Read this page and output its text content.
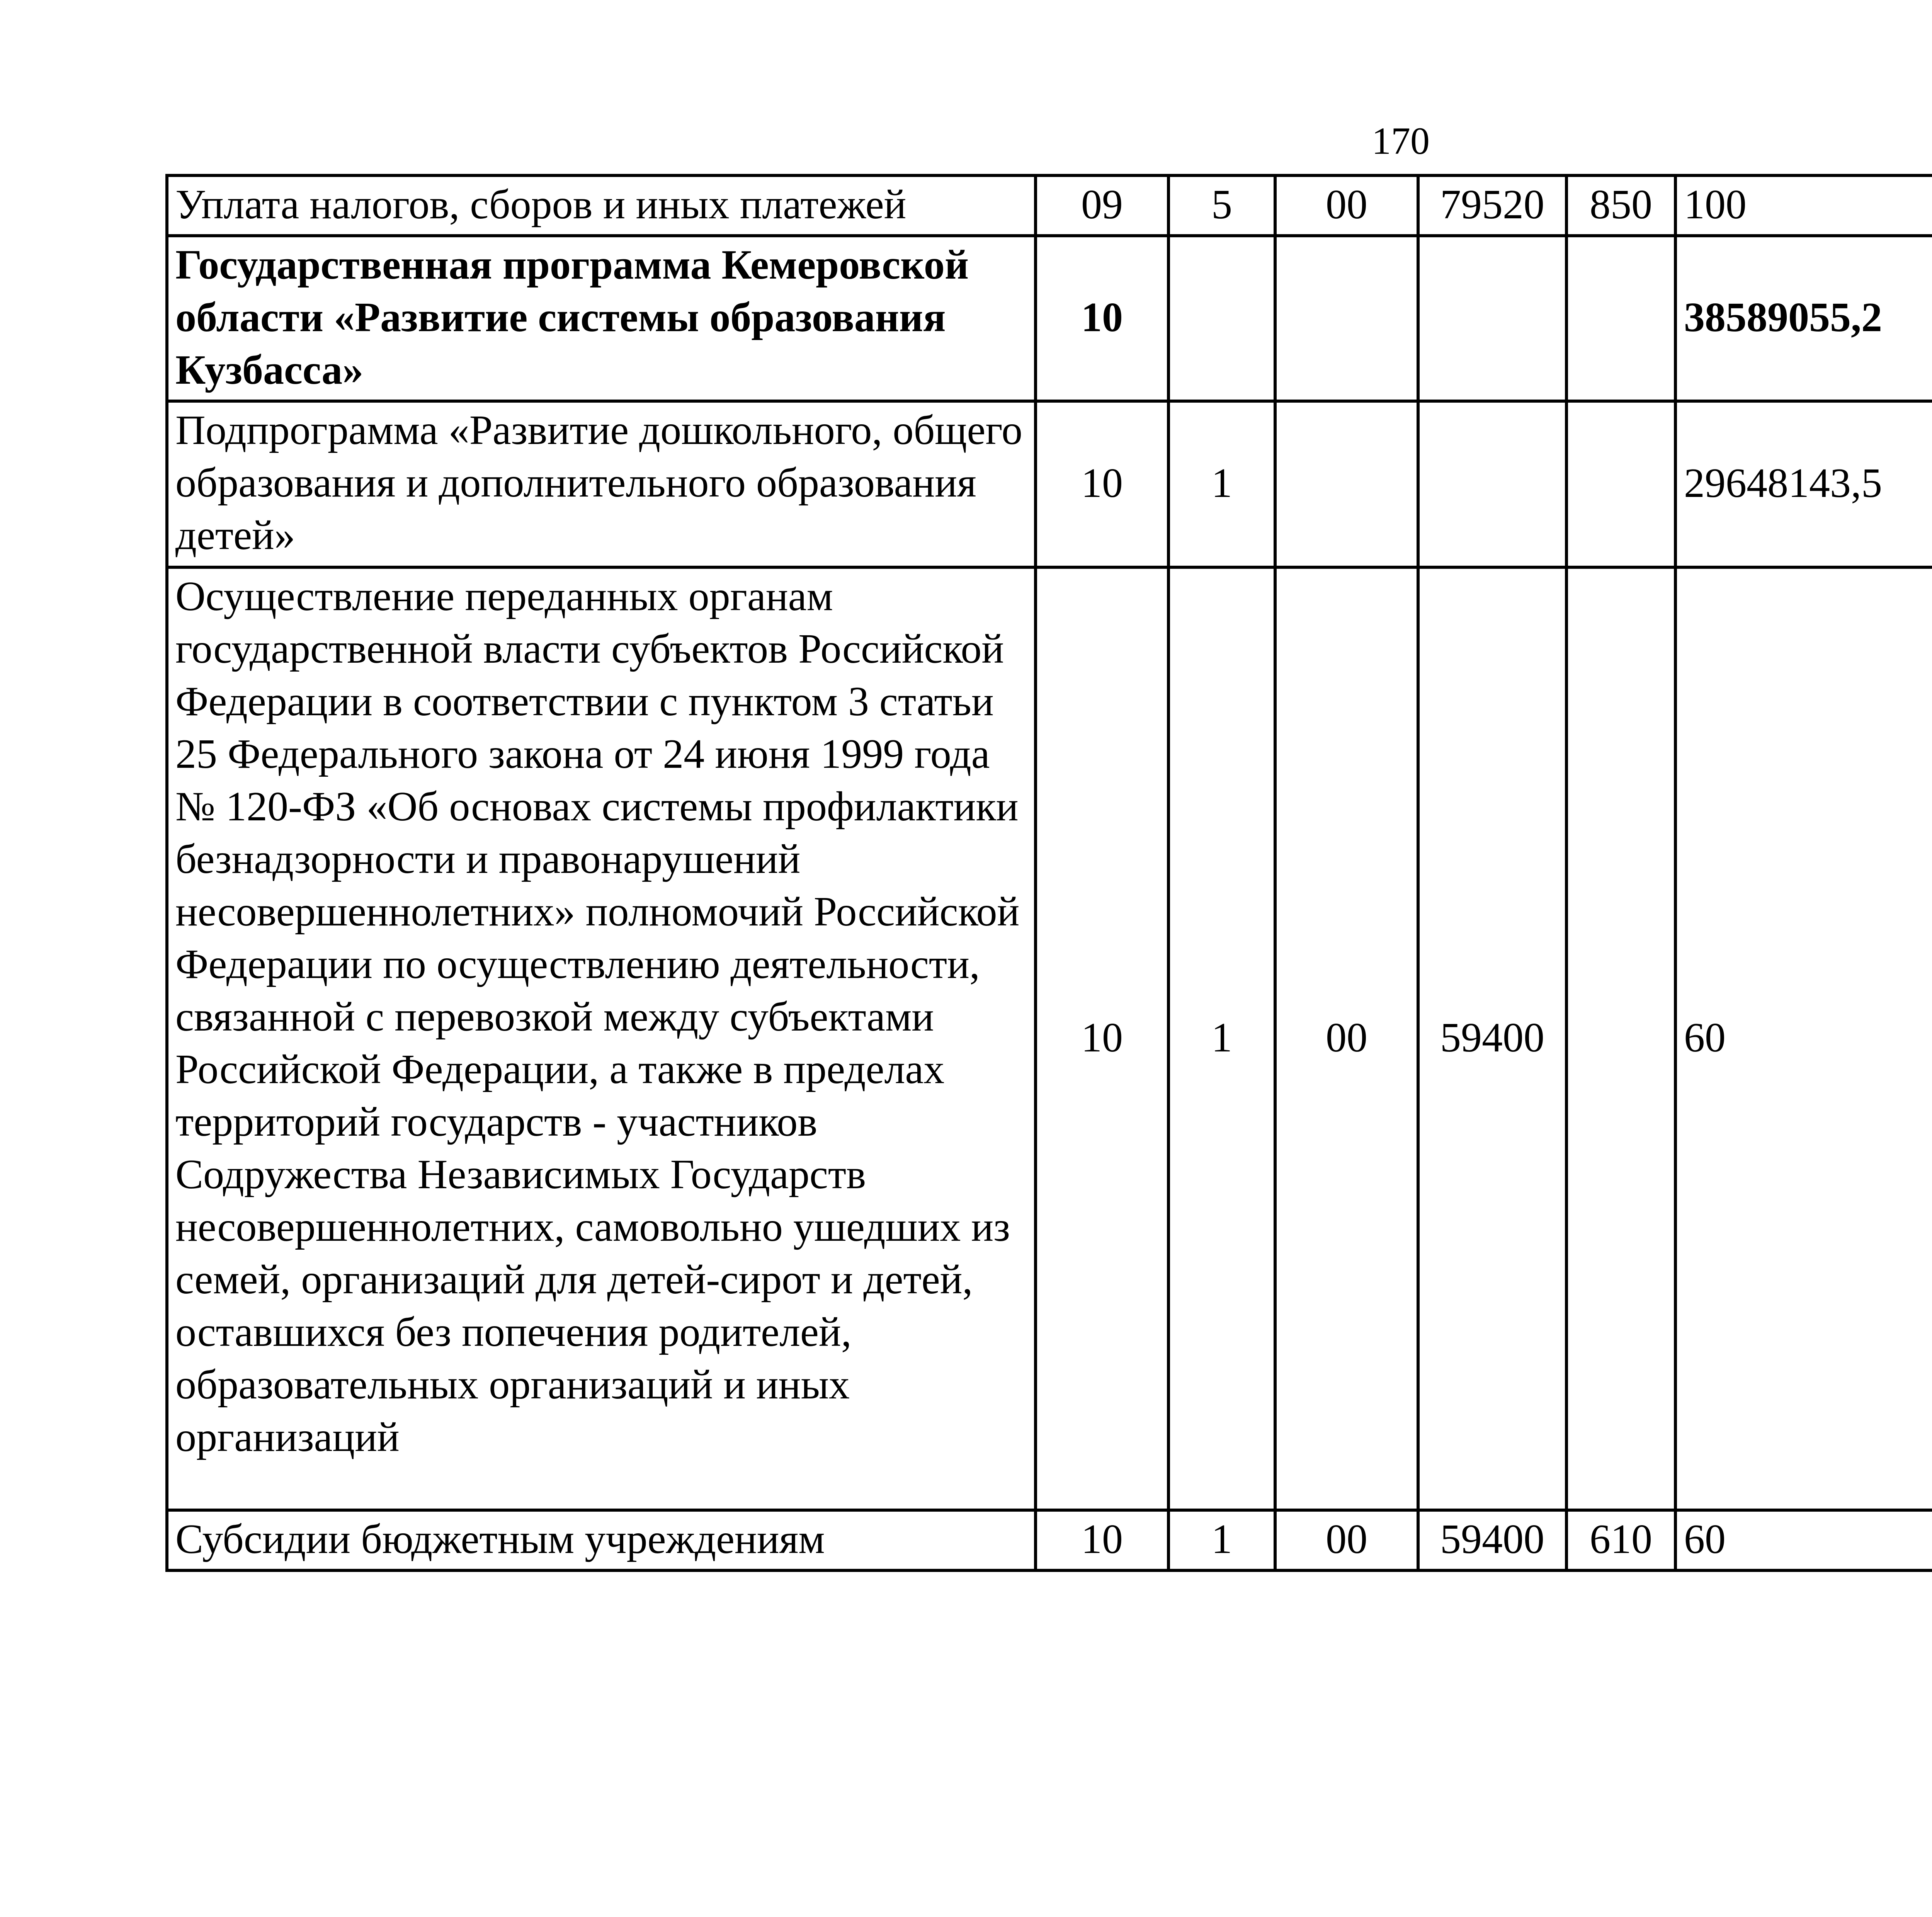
170
Уплата налогов, сборов и иных платежей	09	5	00	79520	850	100		
Государственная программа Кемеровской области «Развитие системы образования Кузбасса»	10					38589055,2		
Подпрограмма «Развитие дошкольного, общего образования и дополнительного образования детей»	10	1				29648143,5		
Осуществление переданных органам государственной власти субъектов Российской Федерации в соответствии с пунктом 3 статьи 25 Федерального закона от 24 июня 1999 года № 120-ФЗ «Об основах системы профилактики безнадзорности и правонарушений несовершеннолетних» полномочий Российской Федерации по осуществлению деятельности, связанной с перевозкой между субъектами Российской Федерации, а также в пределах территорий государств - участников Содружества Независимых Государств несовершеннолетних, самовольно ушедших из семей, организаций для детей-сирот и детей, оставшихся без попечения родителей, образовательных организаций и иных организаций	10	1	00	59400		60		
Субсидии бюджетным учреждениям	10	1	00	59400	610	60		
